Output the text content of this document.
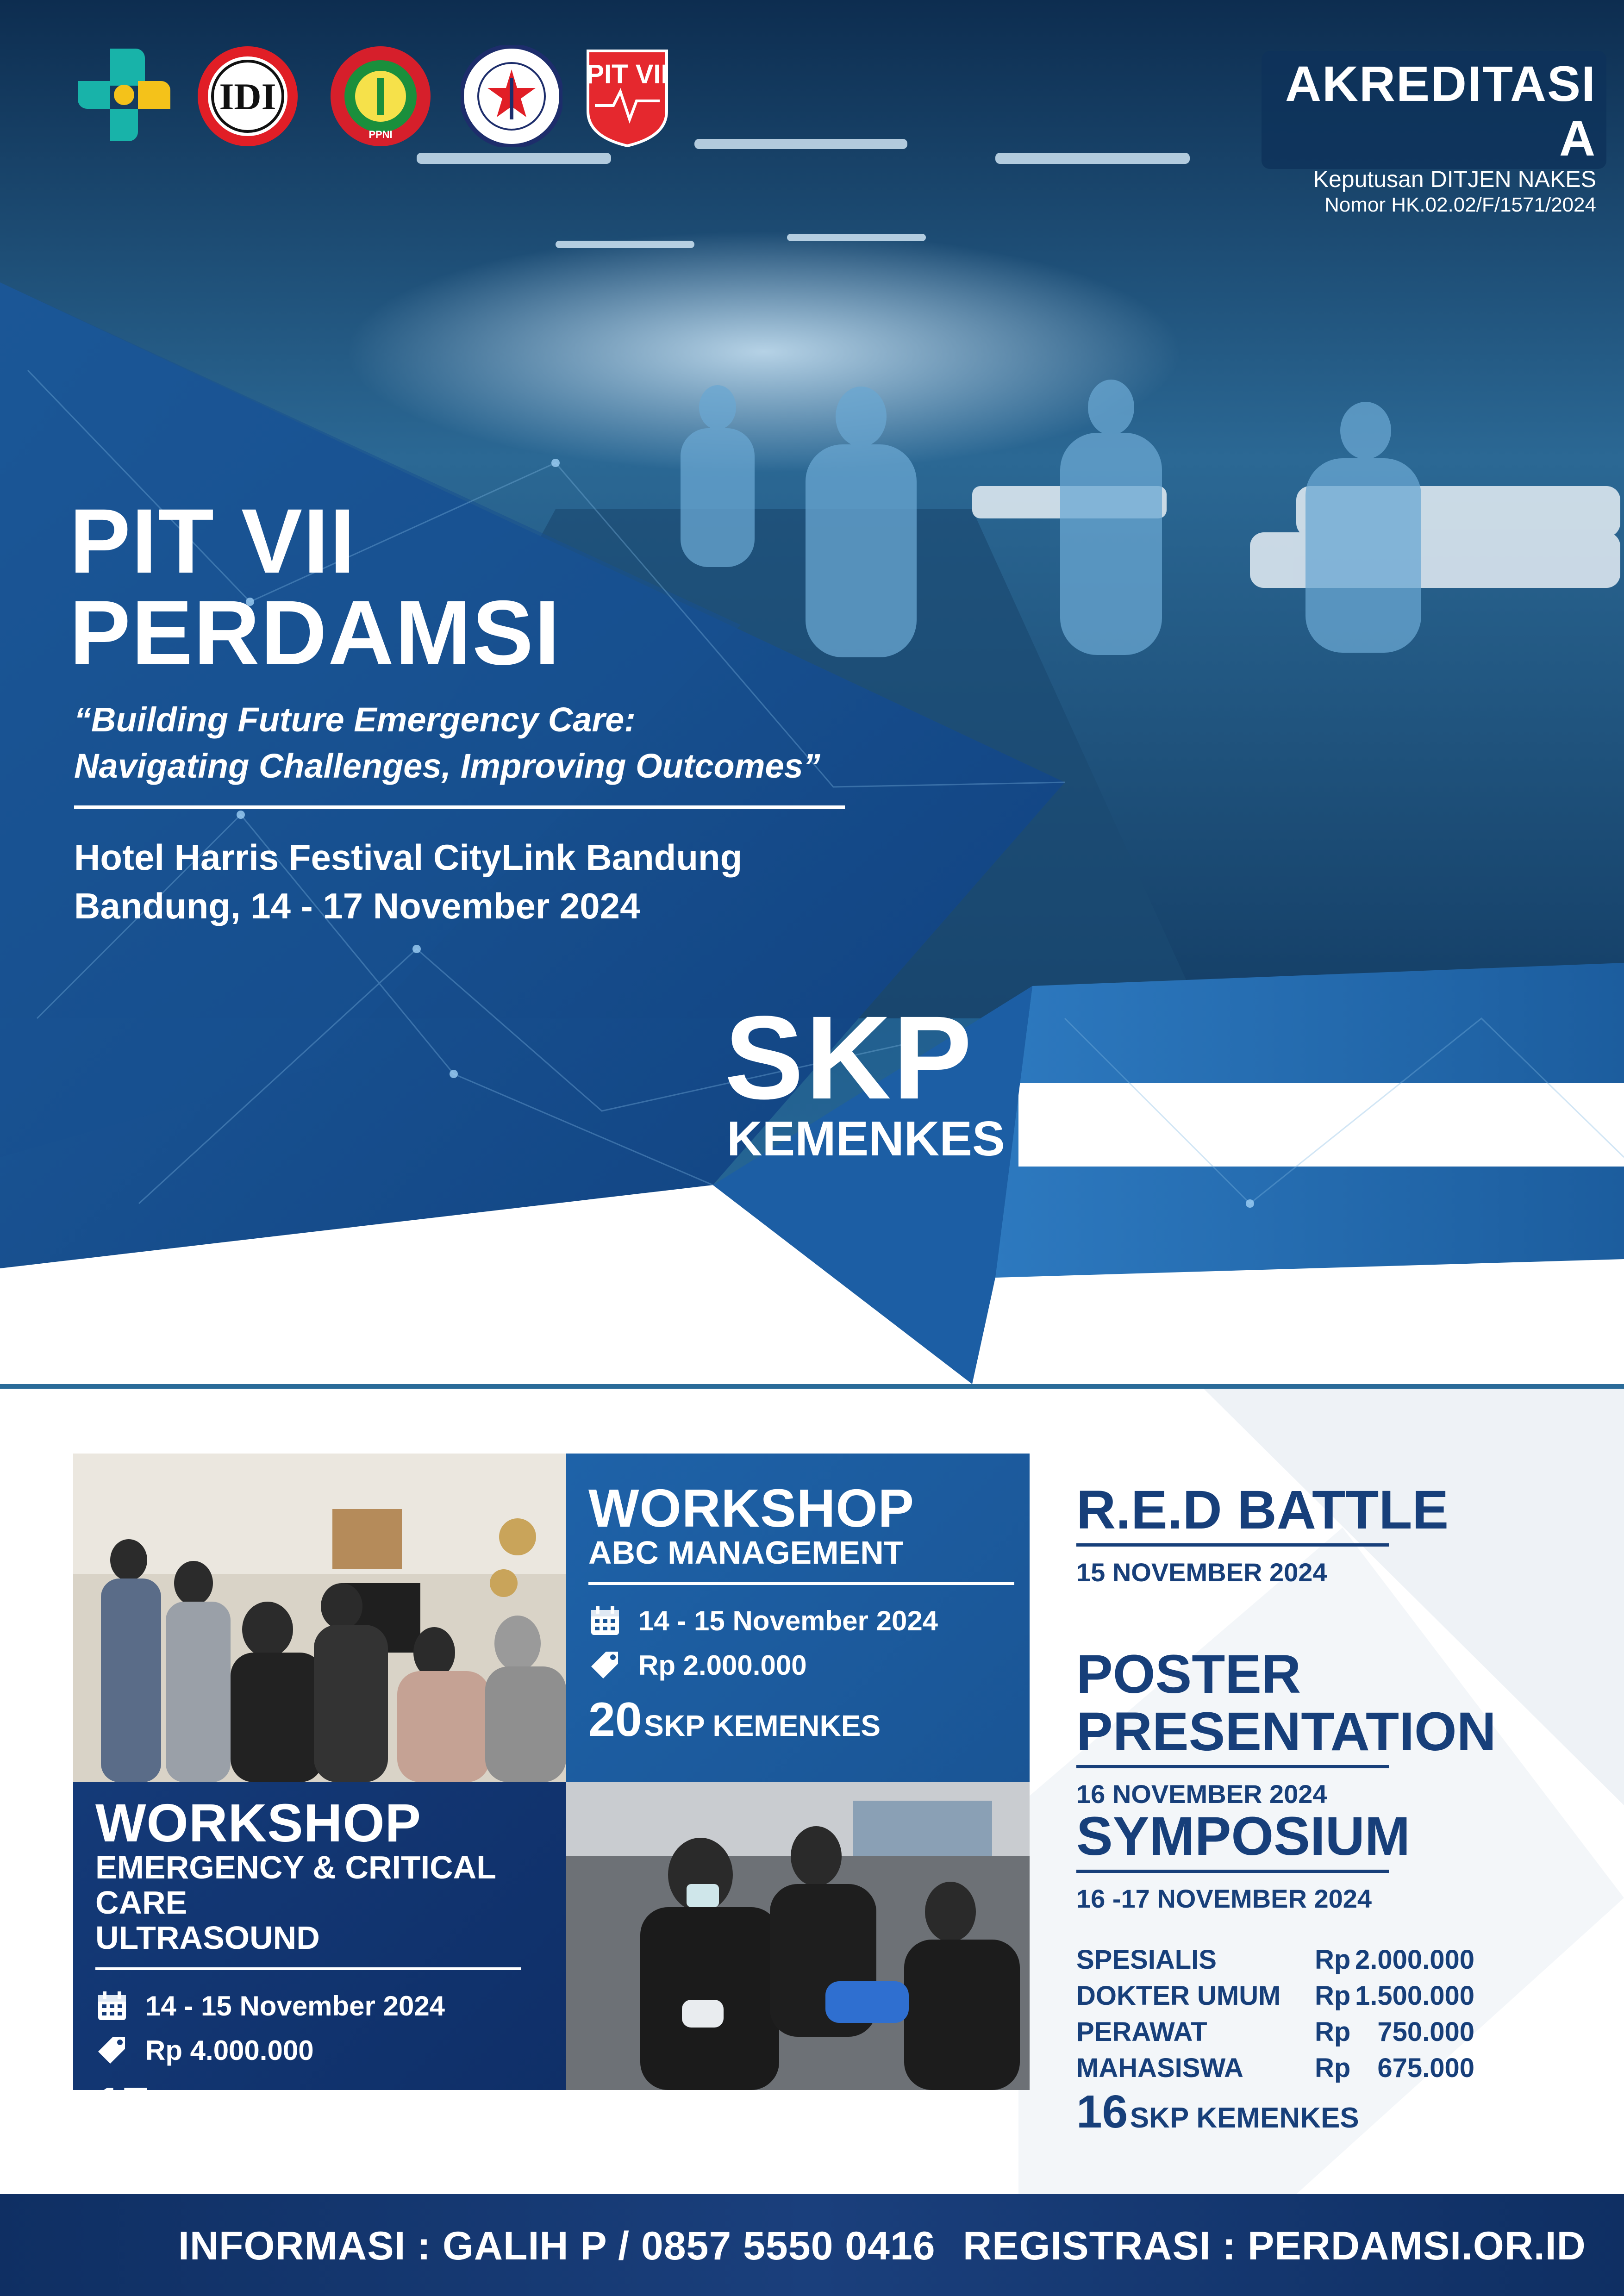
IDI
PPNI
PIT VII	AKREDITASI A
Keputusan DITJEN NAKES
Nomor HK.02.02/F/1571/2024
PIT VII
PERDAMSI
“Building Future Emergency Care:
Navigating Challenges, Improving Outcomes”
Hotel Harris Festival CityLink Bandung
Bandung, 14 - 17 November 2024
SKP
KEMENKES
WORKSHOP
ABC MANAGEMENT
14 - 15 November 2024
Rp 2.000.000
20 SKP KEMENKES
WORKSHOP
EMERGENCY & CRITICAL CARE
ULTRASOUND
14 - 15 November 2024
Rp 4.000.000
17 SKP KEMENKES
R.E.D BATTLE
15 NOVEMBER 2024
POSTER PRESENTATION
16 NOVEMBER 2024
SYMPOSIUM
16 -17 NOVEMBER 2024
SPESIALIS	Rp 2.000.000
DOKTER UMUM	Rp 1.500.000
PERAWAT	Rp	750.000
MAHASISWA	Rp	675.000
16 SKP KEMENKES
INFORMASI : GALIH P / 0857 5550 0416 REGISTRASI : PERDAMSI.OR.ID
